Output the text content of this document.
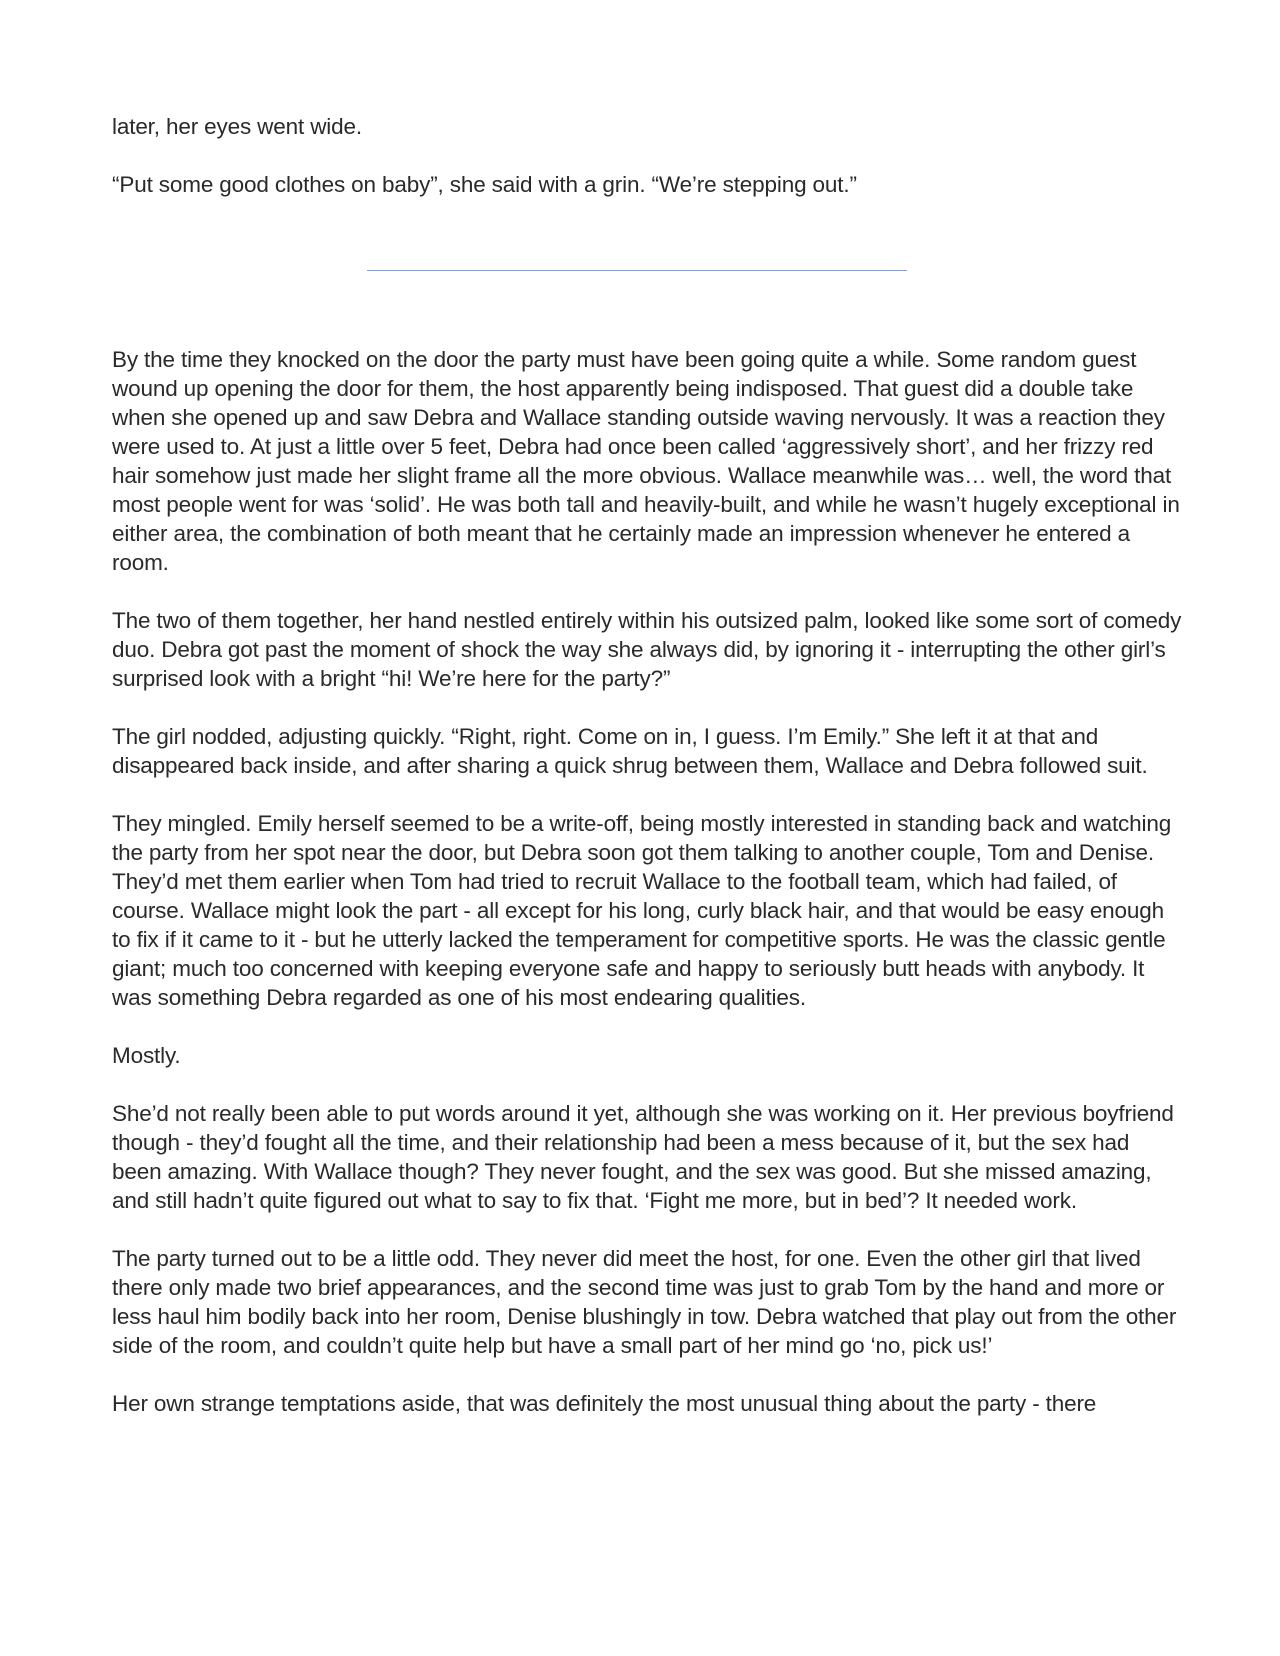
later, her eyes went wide.

“Put some good clothes on baby”, she said with a grin. “We’re stepping out.”

By the time they knocked on the door the party must have been going quite a while. Some random guest wound up opening the door for them, the host apparently being indisposed. That guest did a double take when she opened up and saw Debra and Wallace standing outside waving nervously. It was a reaction they were used to. At just a little over 5 feet, Debra had once been called ‘aggressively short’, and her frizzy red hair somehow just made her slight frame all the more obvious. Wallace meanwhile was… well, the word that most people went for was ‘solid’. He was both tall and heavily-built, and while he wasn’t hugely exceptional in either area, the combination of both meant that he certainly made an impression whenever he entered a room.

The two of them together, her hand nestled entirely within his outsized palm, looked like some sort of comedy duo. Debra got past the moment of shock the way she always did, by ignoring it - interrupting the other girl’s surprised look with a bright “hi! We’re here for the party?”

The girl nodded, adjusting quickly. “Right, right. Come on in, I guess. I’m Emily.” She left it at that and disappeared back inside, and after sharing a quick shrug between them, Wallace and Debra followed suit.

They mingled. Emily herself seemed to be a write-off, being mostly interested in standing back and watching the party from her spot near the door, but Debra soon got them talking to another couple, Tom and Denise. They’d met them earlier when Tom had tried to recruit Wallace to the football team, which had failed, of course. Wallace might look the part - all except for his long, curly black hair, and that would be easy enough to fix if it came to it - but he utterly lacked the temperament for competitive sports. He was the classic gentle giant; much too concerned with keeping everyone safe and happy to seriously butt heads with anybody. It was something Debra regarded as one of his most endearing qualities.

Mostly.

She’d not really been able to put words around it yet, although she was working on it. Her previous boyfriend though - they’d fought all the time, and their relationship had been a mess because of it, but the sex had been amazing. With Wallace though? They never fought, and the sex was good. But she missed amazing, and still hadn’t quite figured out what to say to fix that. ‘Fight me more, but in bed’? It needed work.

The party turned out to be a little odd. They never did meet the host, for one. Even the other girl that lived there only made two brief appearances, and the second time was just to grab Tom by the hand and more or less haul him bodily back into her room, Denise blushingly in tow. Debra watched that play out from the other side of the room, and couldn’t quite help but have a small part of her mind go ‘no, pick us!’

Her own strange temptations aside, that was definitely the most unusual thing about the party - there
